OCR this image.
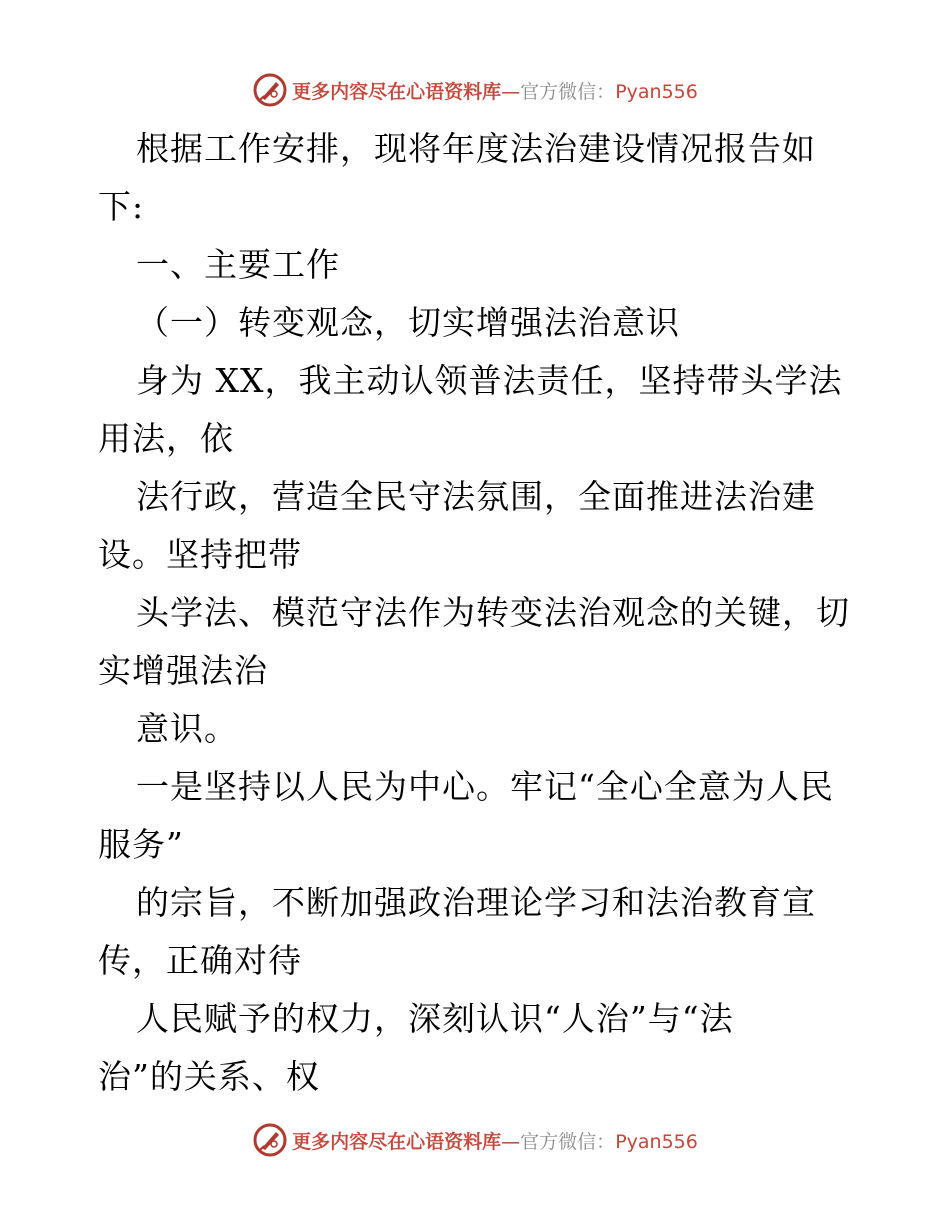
更多内容尽在心语资料库—官方微信：Pyan556
根据工作安排，现将年度法治建设情况报告如
下:
一、主要工作
（一）转变观念，切实增强法治意识
身为 XX，我主动认领普法责任，坚持带头学法
用法，依
法行政，营造全民守法氛围，全面推进法治建
设。坚持把带
头学法、模范守法作为转变法治观念的关键，切
实增强法治
意识。
一是坚持以人民为中心。牢记“全心全意为人民
服务”
的宗旨，不断加强政治理论学习和法治教育宣
传，正确对待
人民赋予的权力，深刻认识“人治”与“法
治”的关系、权
更多内容尽在心语资料库—官方微信：Pyan556
